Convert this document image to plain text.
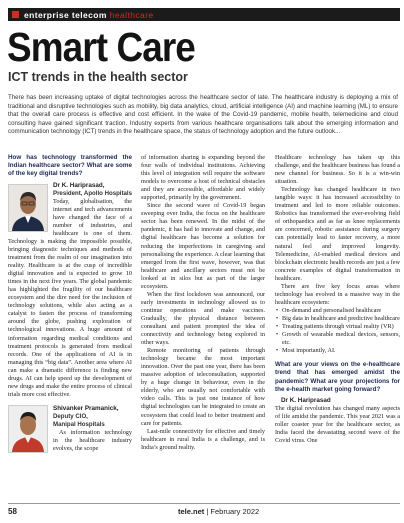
enterprise telecom healthcare
Smart Care
ICT trends in the health sector

There has been increasing uptake of digital technologies across the healthcare sector of late. The healthcare industry is deploying a mix of traditional and disruptive technologies such as mobility, big data analytics, cloud, artificial intelligence (AI) and machine learning (ML) to ensure that the overall care process is effective and cost efficient. In the wake of the Covid-19 pandemic, mobile health, telemedicine and cloud consulting have gained significant traction. Industry experts from various healthcare organisations talk about the emerging information and communication technology (ICT) trends in the healthcare space, the status of technology adoption and the future outlook...

How has technology transformed the Indian healthcare sector? What are some of the key digital trends?

Dr K. Hariprasad,
President, Apollo Hospitals

Today, globalisation, the internet and tech advancements have changed the face of a number of industries, and healthcare is one of them. Technology is making the impossible possible, bringing diagnostic techniques and methods of treatment from the realm of our imagination into reality. Healthcare is at the cusp of incredible digital innovation and is expected to grow 10 times in the next five years. The global pandemic has highlighted the fragility of our healthcare ecosystem and the dire need for the inclusion of technology solutions, while also acting as a catalyst to fasten the process of transforming around the globe, pushing exploration of technological innovations. A huge amount of information regarding medical conditions and treatment protocols is generated from medical records. One of the applications of AI is in managing this “big data”. Another area where AI can make a dramatic difference is finding new drugs. AI can help speed up the development of new drugs and make the entire process of clinical trials more cost effective.

Shivanker Pramanick,
Deputy CIO,
Manipal Hospitals

As information technology in the healthcare industry evolves, the scope

of information sharing is expanding beyond the four walls of individual institutions. Achieving this level of integration will require the software models to overcome a host of technical obstacles and they are accessible, affordable and widely supported, primarily by the government.

Since the second wave of Covid-19 began sweeping over India, the focus on the healthcare sector has been renewed. In the midst of the pandemic, it has had to innovate and change, and digital healthcare has become a solution for reducing the imperfections in caregiving and personalising the experience. A clear learning that emerged from the first wave, however, was that healthcare and ancillary sectors must not be looked at in silos but as part of the larger ecosystem.

When the first lockdown was announced, our early investments in technology allowed us to continue operations and make vaccines. Gradually, the physical distance between consultant and patient prompted the idea of connectivity and technology being explored in other ways.

Remote monitoring of patients through technology became the most important innovation. Over the past one year, there has been massive adoption of teleconsultation, supported by a huge change in behaviour, even in the elderly, who are usually not comfortable with video calls. This is just one instance of how digital technologies can be integrated to create an ecosystem that could lead to better treatment and care for patients.

Last-mile connectivity for effective and timely healthcare in rural India is a challenge, and is India’s ground reality.

Healthcare technology has taken up this challenge, and the healthcare business has found a new channel for business. So it is a win-win situation.

Technology has changed healthcare in two tangible ways: it has increased accessibility to treatment and led to more reliable outcomes. Robotics has transformed the ever-evolving field of orthopaedics and as far as knee replacements are concerned, robotic assistance during surgery can potentially lead to faster recovery, a more natural feel and improved longevity. Telemedicine, AI-enabled medical devices and blockchain electronic health records are just a few concrete examples of digital transformation in healthcare.

There are five key focus areas where technology has evolved in a massive way in the healthcare ecosystem:

• On-demand and personalised healthcare
• Big data in healthcare and predictive healthcare
• Treating patients through virtual reality (VR)
• Growth of wearable medical devices, sensors, etc.
• Most importantly, AI.
What are your views on the e-healthcare trend that has emerged amidst the pandemic? What are your projections for the e-health market going forward?

Dr K. Hariprasad

The digital revolution has changed many aspects of life amidst the pandemic. This year 2021 was a roller coaster year for the healthcare sector, as India faced the devastating second wave of the Covid virus. One

58	tele.net | February 2022
